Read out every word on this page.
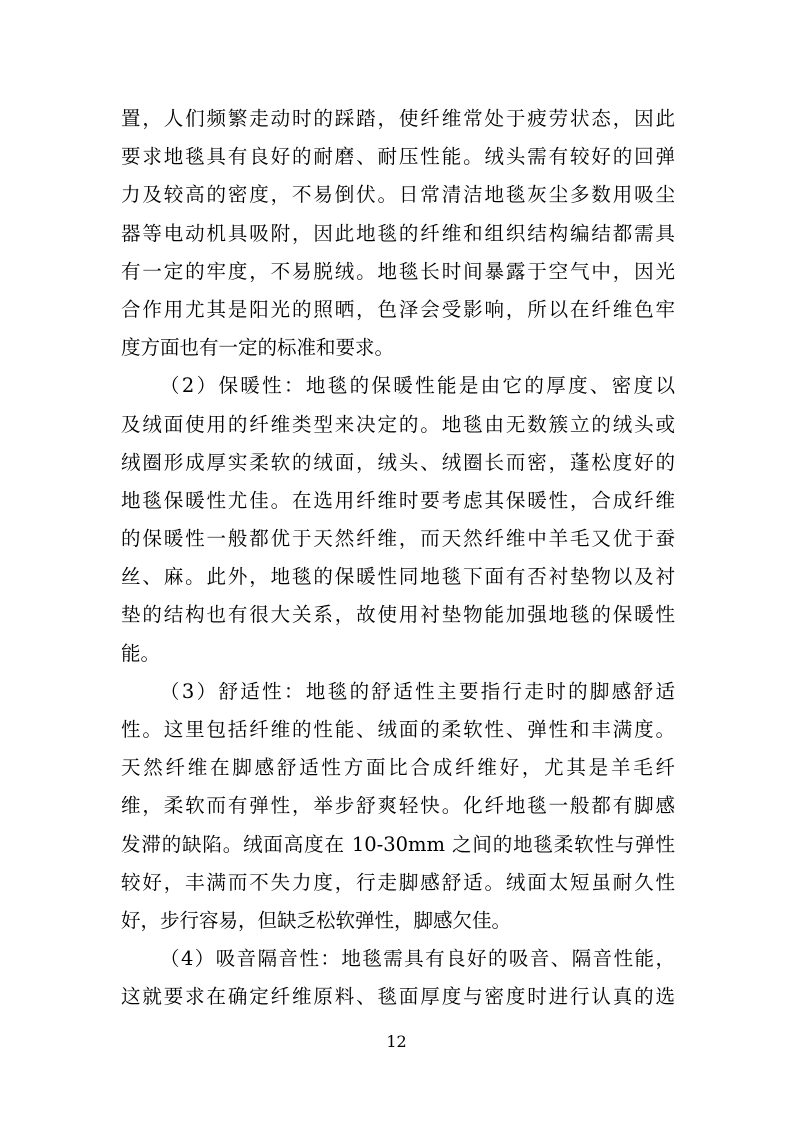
置，人们频繁走动时的踩踏，使纤维常处于疲劳状态，因此
要求地毯具有良好的耐磨、耐压性能。绒头需有较好的回弹
力及较高的密度，不易倒伏。日常清洁地毯灰尘多数用吸尘
器等电动机具吸附，因此地毯的纤维和组织结构编结都需具
有一定的牢度，不易脱绒。地毯长时间暴露于空气中，因光
合作用尤其是阳光的照晒，色泽会受影响，所以在纤维色牢
度方面也有一定的标准和要求。
（2）保暖性：地毯的保暖性能是由它的厚度、密度以
及绒面使用的纤维类型来决定的。地毯由无数簇立的绒头或
绒圈形成厚实柔软的绒面，绒头、绒圈长而密，蓬松度好的
地毯保暖性尤佳。在选用纤维时要考虑其保暖性，合成纤维
的保暖性一般都优于天然纤维，而天然纤维中羊毛又优于蚕
丝、麻。此外，地毯的保暖性同地毯下面有否衬垫物以及衬
垫的结构也有很大关系，故使用衬垫物能加强地毯的保暖性
能。
（3）舒适性：地毯的舒适性主要指行走时的脚感舒适
性。这里包括纤维的性能、绒面的柔软性、弹性和丰满度。
天然纤维在脚感舒适性方面比合成纤维好，尤其是羊毛纤
维，柔软而有弹性，举步舒爽轻快。化纤地毯一般都有脚感
发滞的缺陷。绒面高度在 10-30mm 之间的地毯柔软性与弹性
较好，丰满而不失力度，行走脚感舒适。绒面太短虽耐久性
好，步行容易，但缺乏松软弹性，脚感欠佳。
（4）吸音隔音性：地毯需具有良好的吸音、隔音性能，
这就要求在确定纤维原料、毯面厚度与密度时进行认真的选
12
